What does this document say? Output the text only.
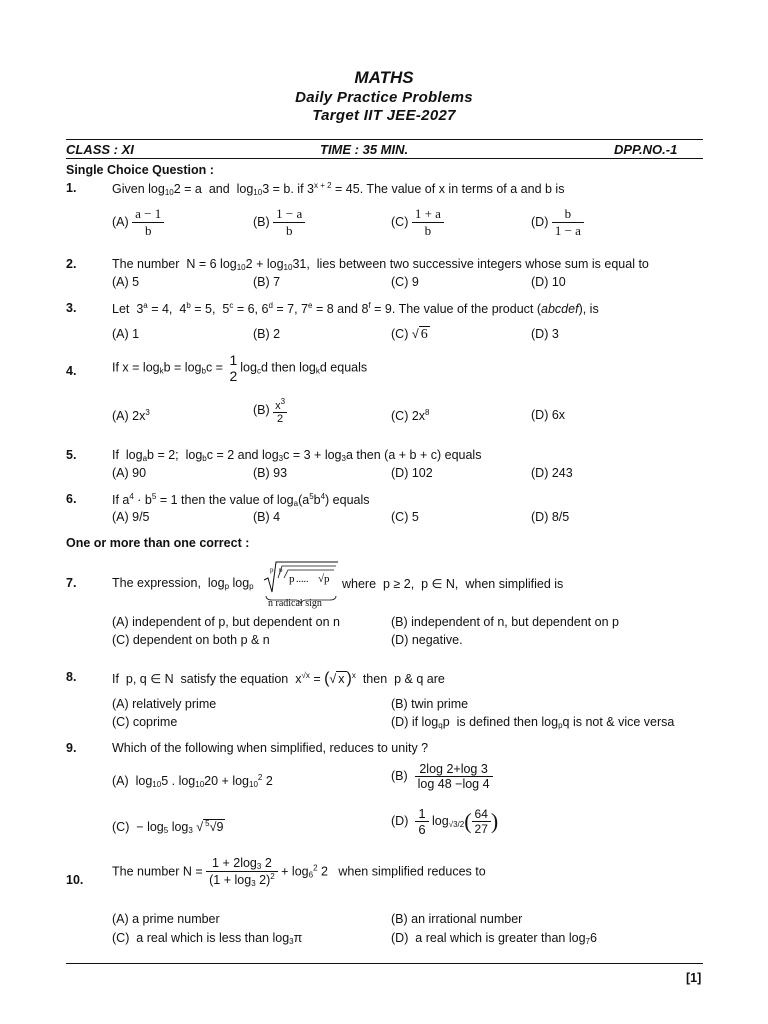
MATHS
Daily Practice Problems
Target IIT JEE-2027
CLASS : XI	TIME : 35 MIN.	DPP.NO.-1
Single Choice Question :
1.	Given $\log_{10}2 = a$  and  $\log_{10}3 = b$. if $3^{x + 2} = 45$. The value of x in terms of a and b is
$(A) \frac{a - 1}{b}$	$(B) \frac{1 - a}{b}$	$(C) \frac{1 + a}{b}$	$(D) \frac{b}{1 - a}$
2.	The number  N = 6 $\log_{10}2 + \log_{10}31$,  lies between two successive integers whose sum is equal to
(A) 5	(B) 7	(C) 9	(D) 10
3.	Let  $3^a = 4$,  $4^b = 5$,  $5^c = 6$, $6^d = 7$, $7^e = 8$ and $8^f = 9$. The value of the product (abcdef), is
(A) 1	(B) 2	(C) √ 6	(D) 3
4.	If $x = \log_kb = \log_bc = 1$
2
$\log_cd$ then $\log_kd$ equals
(A) $2x^3$	$(B) \frac{x^3}{2}$	(C) $2x^8$	(D) 6x
5.	If  $\log_ab = 2$;  $\log_bc = 2$ and $\log_3c = 3 + \log_3a$ then (a + b + c) equals
(A) 90	(B) 93	(D) 102	(D) 243
6.	If $a^4 \cdot b^5 = 1$ then the value of $\log_a(a^5b^4)$ equals
(A) 9/5	(B) 4	(C) 5	(D) 8/5
One or more than one correct :
7.	The expression,  $\log_p \log_p$
p p
p ..... √p
n radical sign
where  p ≥ 2,  p ∈ N,  when simplified is
(A) independent of p, but dependent on n	(B) independent of n, but dependent on p
(C) dependent on both p & n	(D) negative.
8.	If  p, q ∈ N  satisfy the equation  $x^{√x}$ = (√ x )$^x$  then  p & q are
(A) relatively prime	(B) twin prime
(C) coprime	(D) if $\log_qp$  is defined then $\log_pq$ is not & vice versa
9.	Which of the following when simplified, reduces to unity ?
(A)  $\log_{10}5$ . $\log_{10}20 + \log_{10}^2 2$	$(B) \frac{2\log 2+\log 3}{\log 48 -\log 4}$
$(C) - \log_5 \log_3$ √ $^5$√9	$(D) \frac{1}{6} \log_{√3/2}( \frac{64}{27}$ )
10.
The number $N = \frac{1 + 2\log_3 2}{(1 + \log_3 2)^2} + \log_6^2 2$   when simplified reduces to
(A) a prime number	(B) an irrational number
(C)  a real which is less than $\log_3\pi$	(D)  a real which is greater than $\log_76$
[1]
